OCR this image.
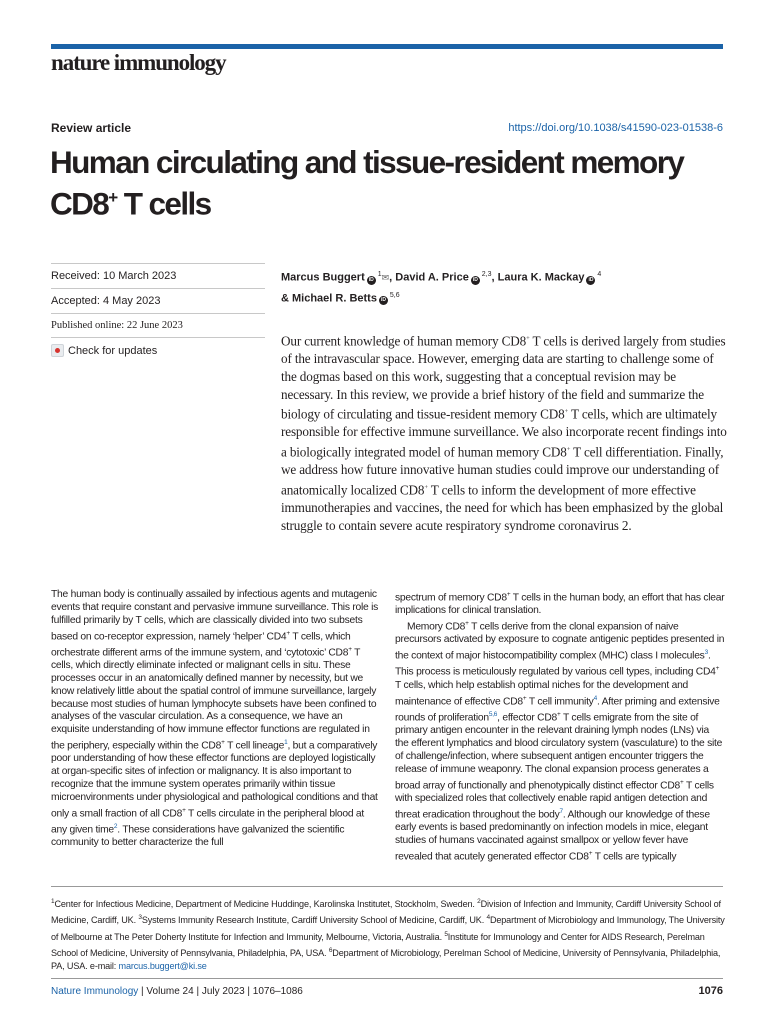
nature immunology
Review article	https://doi.org/10.1038/s41590-023-01538-6
Human circulating and tissue-resident memory CD8+ T cells
Received: 10 March 2023
Accepted: 4 May 2023
Published online: 22 June 2023
Check for updates
Marcus Buggert iD $^1$✉, David A. Price iD $^{2,3}$, Laura K. Mackay iD $^4$
& Michael R. Betts iD $^{5,6}$

Our current knowledge of human memory CD8+ T cells is derived largely from studies of the intravascular space. However, emerging data are starting to challenge some of the dogmas based on this work, suggesting that a conceptual revision may be necessary. In this review, we provide a brief history of the field and summarize the biology of circulating and tissue-resident memory CD8+ T cells, which are ultimately responsible for effective immune surveillance. We also incorporate recent findings into a biologically integrated model of human memory CD8+ T cell differentiation. Finally, we address how future innovative human studies could improve our understanding of anatomically localized CD8+ T cells to inform the development of more effective immunotherapies and vaccines, the need for which has been emphasized by the global struggle to contain severe acute respiratory syndrome coronavirus 2.

The human body is continually assailed by infectious agents and mutagenic events that require constant and pervasive immune surveillance. This role is fulfilled primarily by T cells, which are classically divided into two subsets based on co-receptor expression, namely ‘helper’ CD4+ T cells, which orchestrate different arms of the immune system, and ‘cytotoxic’ CD8+ T cells, which directly eliminate infected or malignant cells in situ. These processes occur in an anatomically defined manner by necessity, but we know relatively little about the spatial control of immune surveillance, largely because most studies of human lymphocyte subsets have been confined to analyses of the vascular circulation. As a consequence, we have an exquisite understanding of how immune effector functions are regulated in the periphery, especially within the CD8+ T cell lineage$^1$, but a comparatively poor understanding of how these effector functions are deployed logistically at organ-specific sites of infection or malignancy. It is also important to recognize that the immune system operates primarily within tissue microenvironments under physiological and pathological conditions and that only a small fraction of all CD8+ T cells circulate in the peripheral blood at any given time$^2$. These considerations have galvanized the scientific community to better characterize the full

spectrum of memory CD8+ T cells in the human body, an effort that has clear implications for clinical translation.

Memory CD8+ T cells derive from the clonal expansion of naive precursors activated by exposure to cognate antigenic peptides presented in the context of major histocompatibility complex (MHC) class I molecules$^3$. This process is meticulously regulated by various cell types, including CD4+ T cells, which help establish optimal niches for the development and maintenance of effective CD8+ T cell immunity$^4$. After priming and extensive rounds of proliferation$^{5,6}$, effector CD8+ T cells emigrate from the site of primary antigen encounter in the relevant draining lymph nodes (LNs) via the efferent lymphatics and blood circulatory system (vasculature) to the site of challenge/infection, where subsequent antigen encounter triggers the release of immune weaponry. The clonal expansion process generates a broad array of functionally and phenotypically distinct effector CD8+ T cells with specialized roles that collectively enable rapid antigen detection and threat eradication throughout the body$^7$. Although our knowledge of these early events is based predominantly on infection models in mice, elegant studies of humans vaccinated against smallpox or yellow fever have revealed that acutely generated effector CD8+ T cells are typically

$^1$Center for Infectious Medicine, Department of Medicine Huddinge, Karolinska Institutet, Stockholm, Sweden. $^2$Division of Infection and Immunity, Cardiff University School of Medicine, Cardiff, UK. $^3$Systems Immunity Research Institute, Cardiff University School of Medicine, Cardiff, UK. $^4$Department of Microbiology and Immunology, The University of Melbourne at The Peter Doherty Institute for Infection and Immunity, Melbourne, Victoria, Australia. $^5$Institute for Immunology and Center for AIDS Research, Perelman School of Medicine, University of Pennsylvania, Philadelphia, PA, USA. $^6$Department of Microbiology, Perelman School of Medicine, University of Pennsylvania, Philadelphia, PA, USA. e-mail: marcus.buggert@ki.se

Nature Immunology | Volume 24 | July 2023 | 1076–1086	1076
